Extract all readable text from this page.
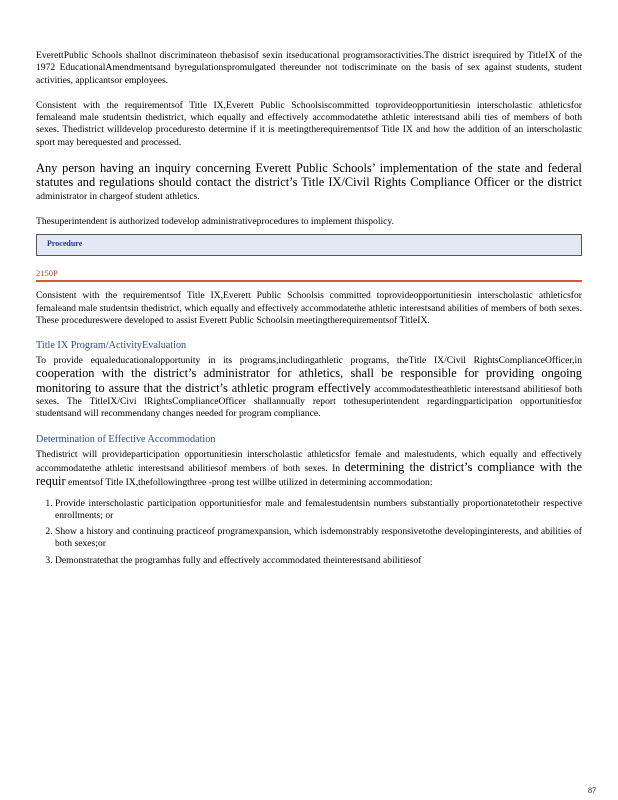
EverettPublic Schools shallnot discriminateon thebasisof sexin itseducational programsoractivities.The district isrequired by TitleIX of the 1972 EducationalAmendmentsand byregulationspromulgated thereunder not todiscriminate on the basis of sex against students, student activities, applicantsor employees.

Consistent with the requirementsof Title IX,Everett Public Schoolsiscommitted toprovideopportunitiesin interscholastic athleticsfor femaleand male studentsin thedistrict, which equally and effectively accommodatethe athletic interestsand abili ties of members of both sexes. Thedistrict willdevelop proceduresto determine if it is meetingtherequirementsof Title IX and how the addition of an interscholastic sport may berequested and processed.

Any person having an inquiry concerning Everett Public Schools’ implementation of the state and federal statutes and regulations should contact the district’s Title IX/Civil Rights Compliance Officer or the district administrator in chargeof student athletics.

Thesuperintendent is authorized todevelop administrativeprocedures to implement thispolicy.

Procedure
2150P

Consistent with the requirementsof Title IX,Everett Public Schoolsis committed toprovideopportunitiesin interscholastic athleticsfor femaleand male studentsin thedistrict, which equally and effectively accommodatethe athletic interestsand abilities of members of both sexes. These procedureswere developed to assist Everett Public Schoolsin meetingtherequirementsof TitleIX.

Title IX Program/ActivityEvaluation

To provide equaleducationalopportunity in its programs,includingathletic programs, theTitle IX/Civil RightsComplianceOfficer,in cooperation with the district’s administrator for athletics, shall be responsible for providing ongoing monitoring to assure that the district’s athletic program effectively accommodatestheathletic interestsand abilitiesof both sexes. The TitleIX/Civi lRightsComplianceOfficer shallannually report tothesuperintendent regardingparticipation opportunitiesfor studentsand will recommendany changes needed for program compliance.

Determination of Effective Accommodation

Thedistrict will provideparticipation opportunitiesin interscholastic athleticsfor female and malestudents, which equally and effectively accommodatethe athletic interestsand abilitiesof members of both sexes. In determining the district’s compliance with the requir ementsof Title IX,thefollowingthree -prong test willbe utilized in determining accommodation:

1. Provide interscholastic participation opportunitiesfor male and femalestudentsin numbers substantially proportionatetotheir respective enrollments; or
2. Show a history and continuing practiceof programexpansion, which isdemonstrably responsivetothe developinginterests, and abilities of both sexes;or
3. Demonstratethat the programhas fully and effectively accommodated theinterestsand abilitiesof
87
